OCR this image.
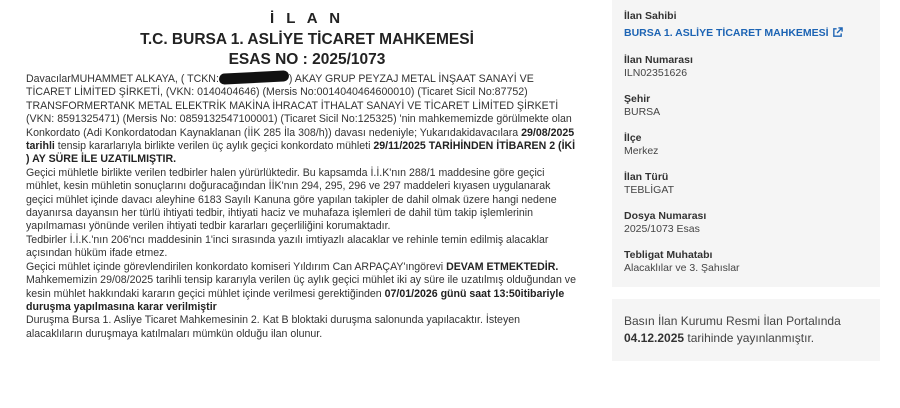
İ L A N
T.C. BURSA 1. ASLİYE TİCARET MAHKEMESİ
ESAS NO : 2025/1073

DavacılarMUHAMMET ALKAYA, ( TCKN:	) AKAY GRUP PEYZAJ METAL İNŞAAT SANAYİ VE

TİCARET LİMİTED ŞİRKETİ, (VKN: 0140404646) (Mersis No:0014040464600010) (Ticaret Sicil No:87752)

TRANSFORMERTANK METAL ELEKTRİK MAKİNA İHRACAT İTHALAT SANAYİ VE TİCARET LİMİTED ŞİRKETİ

(VKN: 8591325471) (Mersis No: 0859132547100001) (Ticaret Sicil No:125325) 'nin mahkememizde görülmekte olan

Konkordato (Adi Konkordatodan Kaynaklanan (İİK 285 İla 308/h)) davası nedeniyle; Yukarıdakidavacılara 29/08/2025

tarihli tensip kararlarıyla birlikte verilen üç aylık geçici konkordato mühleti 29/11/2025 TARİHİNDEN İTİBAREN 2 (İKİ

) AY SÜRE İLE UZATILMIŞTIR.

Geçici mühletle birlikte verilen tedbirler halen yürürlüktedir. Bu kapsamda İ.İ.K'nın 288/1 maddesine göre geçici

mühlet, kesin mühletin sonuçlarını doğuracağından İİK'nın 294, 295, 296 ve 297 maddeleri kıyasen uygulanarak

geçici mühlet içinde davacı aleyhine 6183 Sayılı Kanuna göre yapılan takipler de dahil olmak üzere hangi nedene

dayanırsa dayansın her türlü ihtiyati tedbir, ihtiyati haciz ve muhafaza işlemleri de dahil tüm takip işlemlerinin

yapılmaması yönünde verilen ihtiyati tedbir kararları geçerliliğini korumaktadır.

Tedbirler İ.İ.K.'nın 206'ncı maddesinin 1'inci sırasında yazılı imtiyazlı alacaklar ve rehinle temin edilmiş alacaklar

açısından hüküm ifade etmez.

Geçici mühlet içinde görevlendirilen konkordato komiseri Yıldırım Can ARPAÇAY'ıngörevi DEVAM ETMEKTEDİR.

Mahkememizin 29/08/2025 tarihli tensip kararıyla verilen üç aylık geçici mühlet iki ay süre ile uzatılmış olduğundan ve

kesin mühlet hakkındaki kararın geçici mühlet içinde verilmesi gerektiğinden 07/01/2026 günü saat 13:50itibariyle

duruşma yapılmasına karar verilmiştir

Duruşma Bursa 1. Asliye Ticaret Mahkemesinin 2. Kat B bloktaki duruşma salonunda yapılacaktır. İsteyen

alacaklıların duruşmaya katılmaları mümkün olduğu ilan olunur.

İlan Sahibi
BURSA 1. ASLİYE TİCARET MAHKEMESİ
İlan Numarası
ILN02351626
Şehir
BURSA
İlçe
Merkez
İlan Türü
TEBLİGAT
Dosya Numarası
2025/1073 Esas
Tebligat Muhatabı
Alacaklılar ve 3. Şahıslar
Basın İlan Kurumu Resmi İlan Portalında
04.12.2025 tarihinde yayınlanmıştır.
